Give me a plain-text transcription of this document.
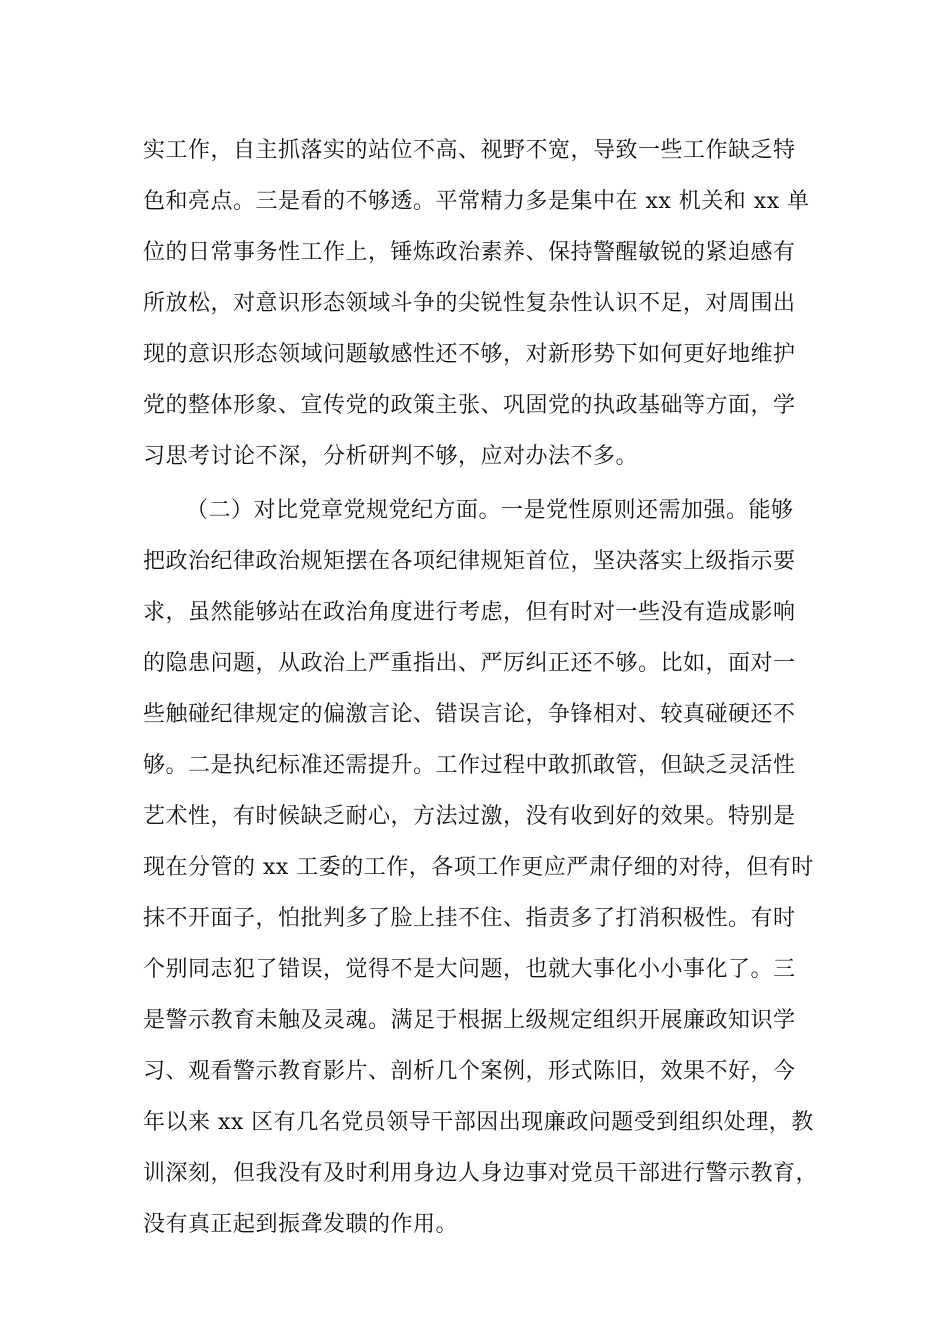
实工作，自主抓落实的站位不高、视野不宽，导致一些工作缺乏特
色和亮点。三是看的不够透。平常精力多是集中在 xx 机关和 xx 单
位的日常事务性工作上，锤炼政治素养、保持警醒敏锐的紧迫感有
所放松，对意识形态领域斗争的尖锐性复杂性认识不足，对周围出
现的意识形态领域问题敏感性还不够，对新形势下如何更好地维护
党的整体形象、宣传党的政策主张、巩固党的执政基础等方面，学
习思考讨论不深，分析研判不够，应对办法不多。
（二）对比党章党规党纪方面。一是党性原则还需加强。能够
把政治纪律政治规矩摆在各项纪律规矩首位，坚决落实上级指示要
求，虽然能够站在政治角度进行考虑，但有时对一些没有造成影响
的隐患问题，从政治上严重指出、严厉纠正还不够。比如，面对一
些触碰纪律规定的偏激言论、错误言论，争锋相对、较真碰硬还不
够。二是执纪标准还需提升。工作过程中敢抓敢管，但缺乏灵活性
艺术性，有时候缺乏耐心，方法过激，没有收到好的效果。特别是
现在分管的 xx 工委的工作，各项工作更应严肃仔细的对待，但有时
抹不开面子，怕批判多了脸上挂不住、指责多了打消积极性。有时
个别同志犯了错误，觉得不是大问题，也就大事化小小事化了。三
是警示教育未触及灵魂。满足于根据上级规定组织开展廉政知识学
习、观看警示教育影片、剖析几个案例，形式陈旧，效果不好，今
年以来 xx 区有几名党员领导干部因出现廉政问题受到组织处理，教
训深刻，但我没有及时利用身边人身边事对党员干部进行警示教育，
没有真正起到振聋发聩的作用。
